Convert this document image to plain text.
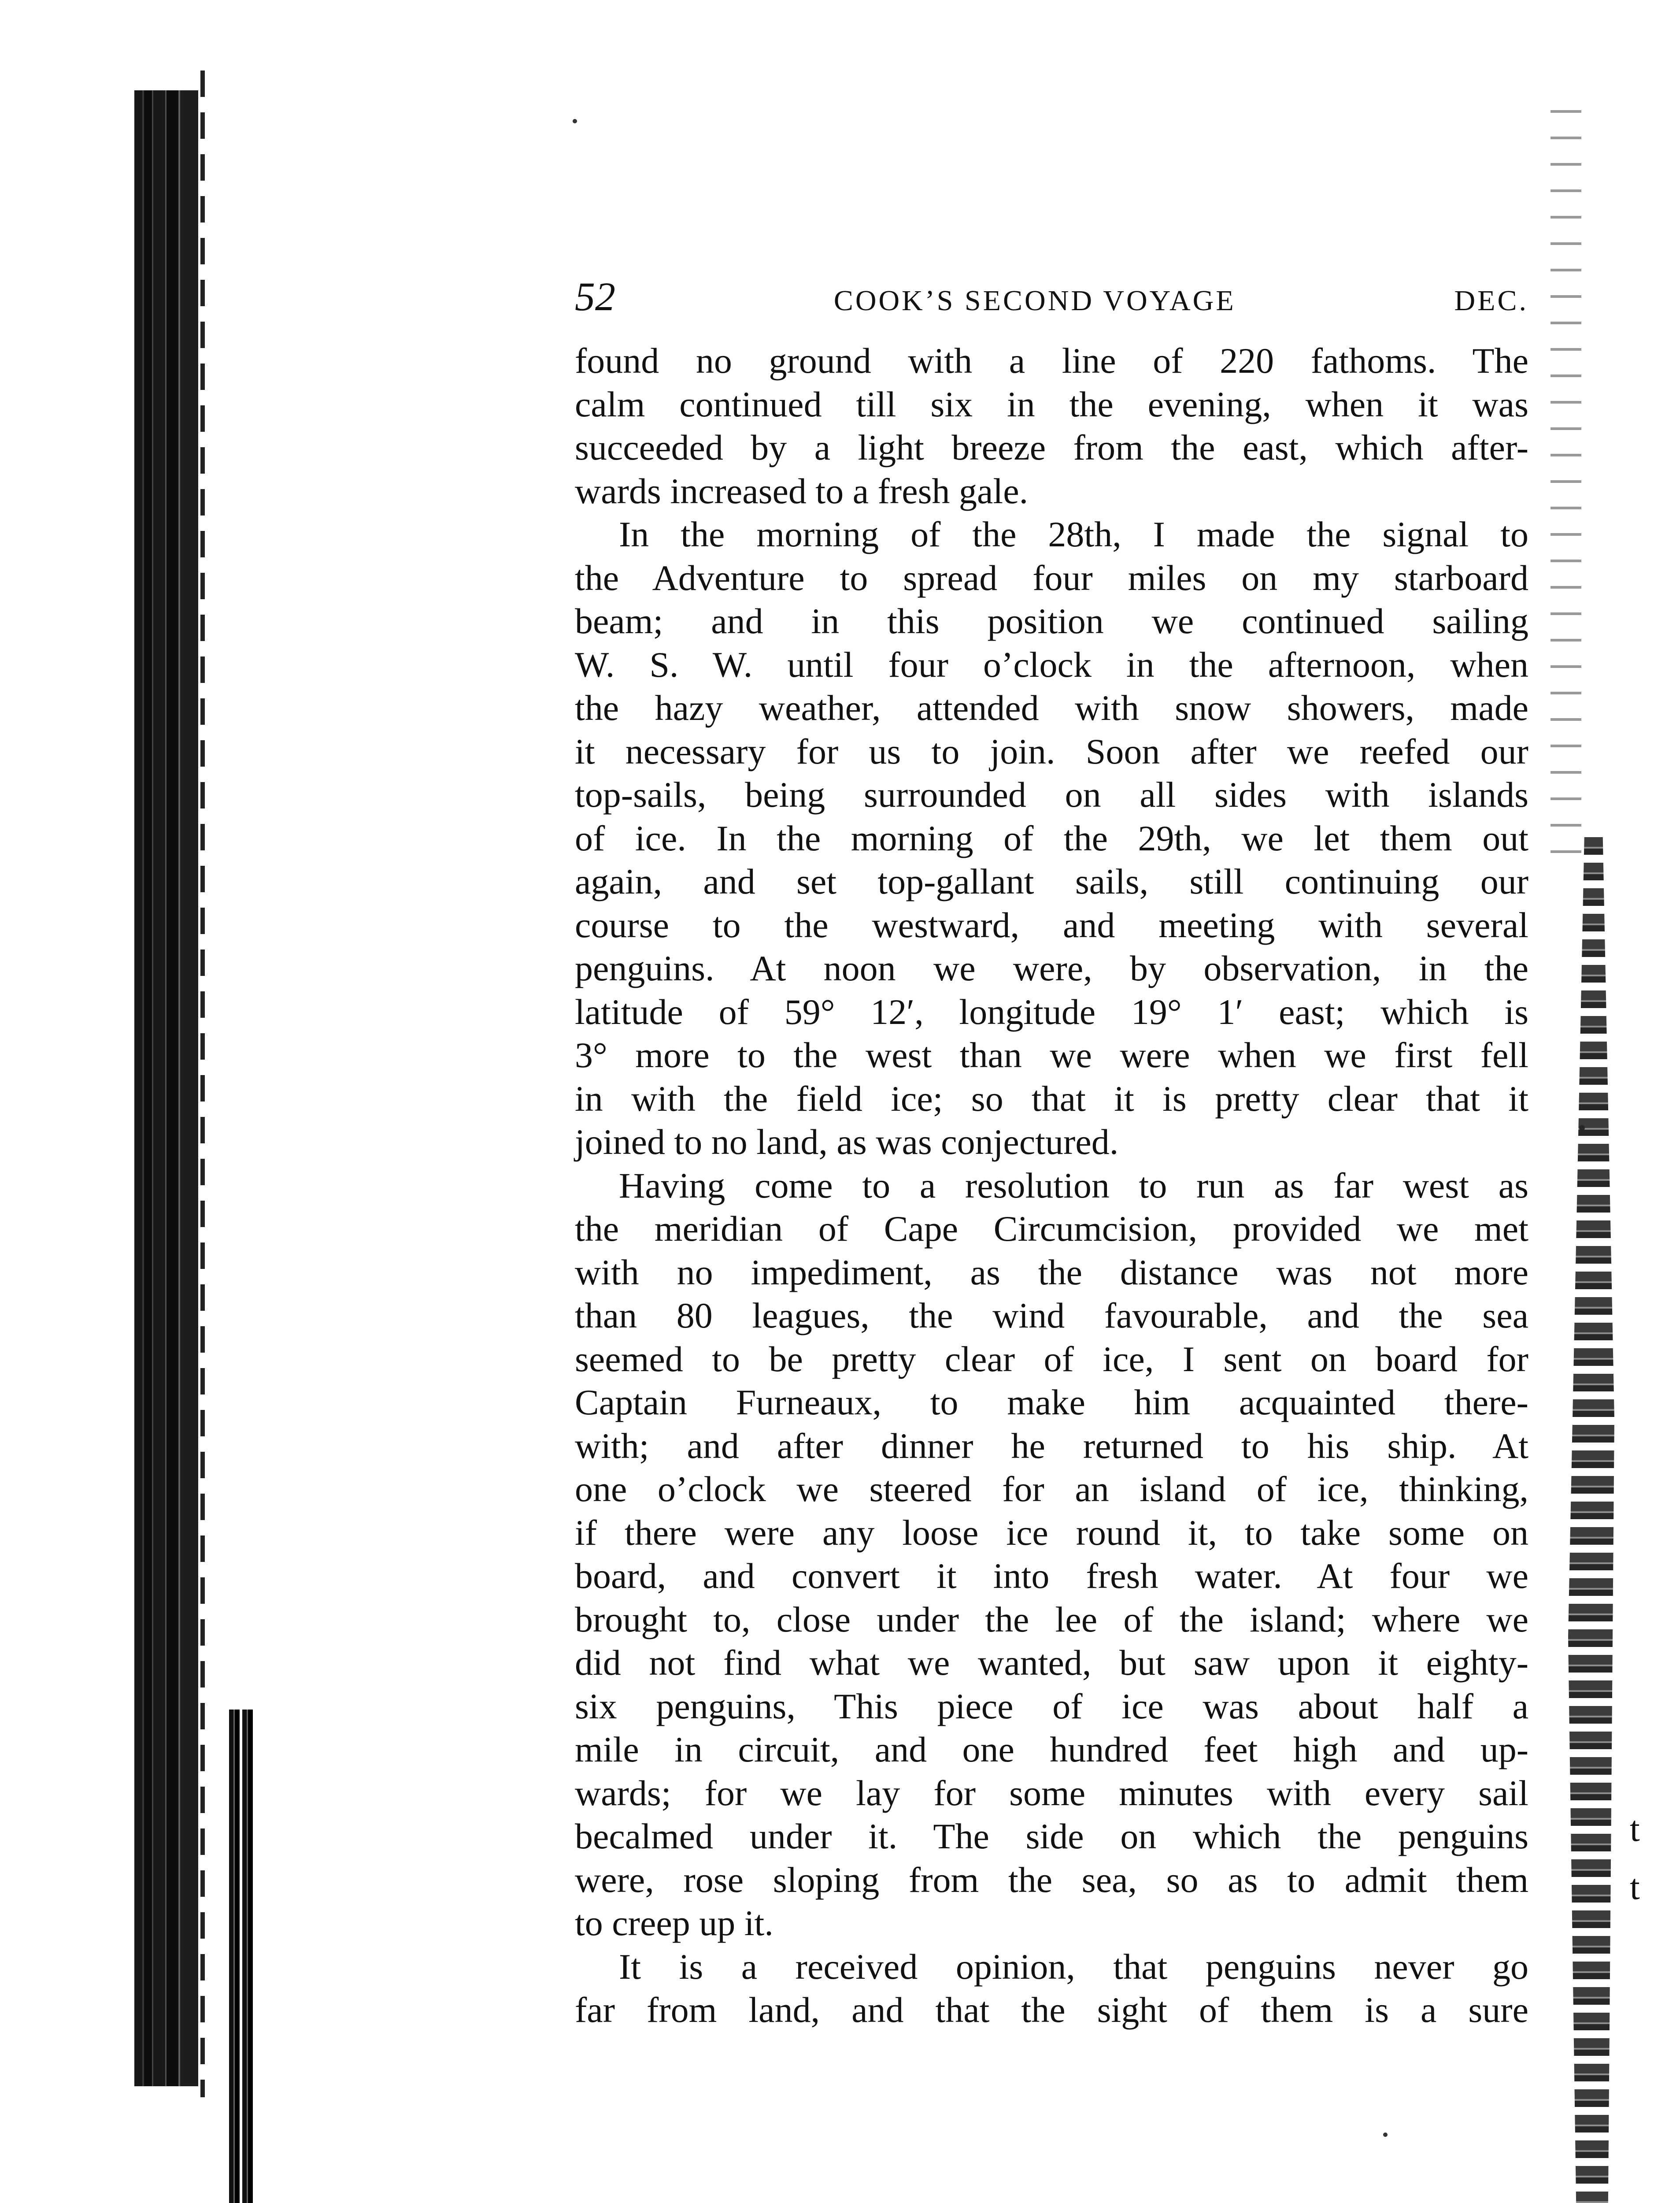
t
t
52	COOK’S SECOND VOYAGE	DEC.
found no ground with a line of 220 fathoms. The
calm continued till six in the evening, when it was
succeeded by a light breeze from the east, which after-
wards increased to a fresh gale.
In the morning of the 28th, I made the signal to
the Adventure to spread four miles on my starboard
beam; and in this position we continued sailing
W. S. W. until four o’clock in the afternoon, when
the hazy weather, attended with snow showers, made
it necessary for us to join. Soon after we reefed our
top-sails, being surrounded on all sides with islands
of ice. In the morning of the 29th, we let them out
again, and set top-gallant sails, still continuing our
course to the westward, and meeting with several
penguins. At noon we were, by observation, in the
latitude of 59° 12′, longitude 19° 1′ east; which is
3° more to the west than we were when we first fell
in with the field ice; so that it is pretty clear that it
joined to no land, as was conjectured.
Having come to a resolution to run as far west as
the meridian of Cape Circumcision, provided we met
with no impediment, as the distance was not more
than 80 leagues, the wind favourable, and the sea
seemed to be pretty clear of ice, I sent on board for
Captain Furneaux, to make him acquainted there-
with; and after dinner he returned to his ship. At
one o’clock we steered for an island of ice, thinking,
if there were any loose ice round it, to take some on
board, and convert it into fresh water. At four we
brought to, close under the lee of the island; where we
did not find what we wanted, but saw upon it eighty-
six penguins, This piece of ice was about half a
mile in circuit, and one hundred feet high and up-
wards; for we lay for some minutes with every sail
becalmed under it. The side on which the penguins
were, rose sloping from the sea, so as to admit them
to creep up it.
It is a received opinion, that penguins never go
far from land, and that the sight of them is a sure
